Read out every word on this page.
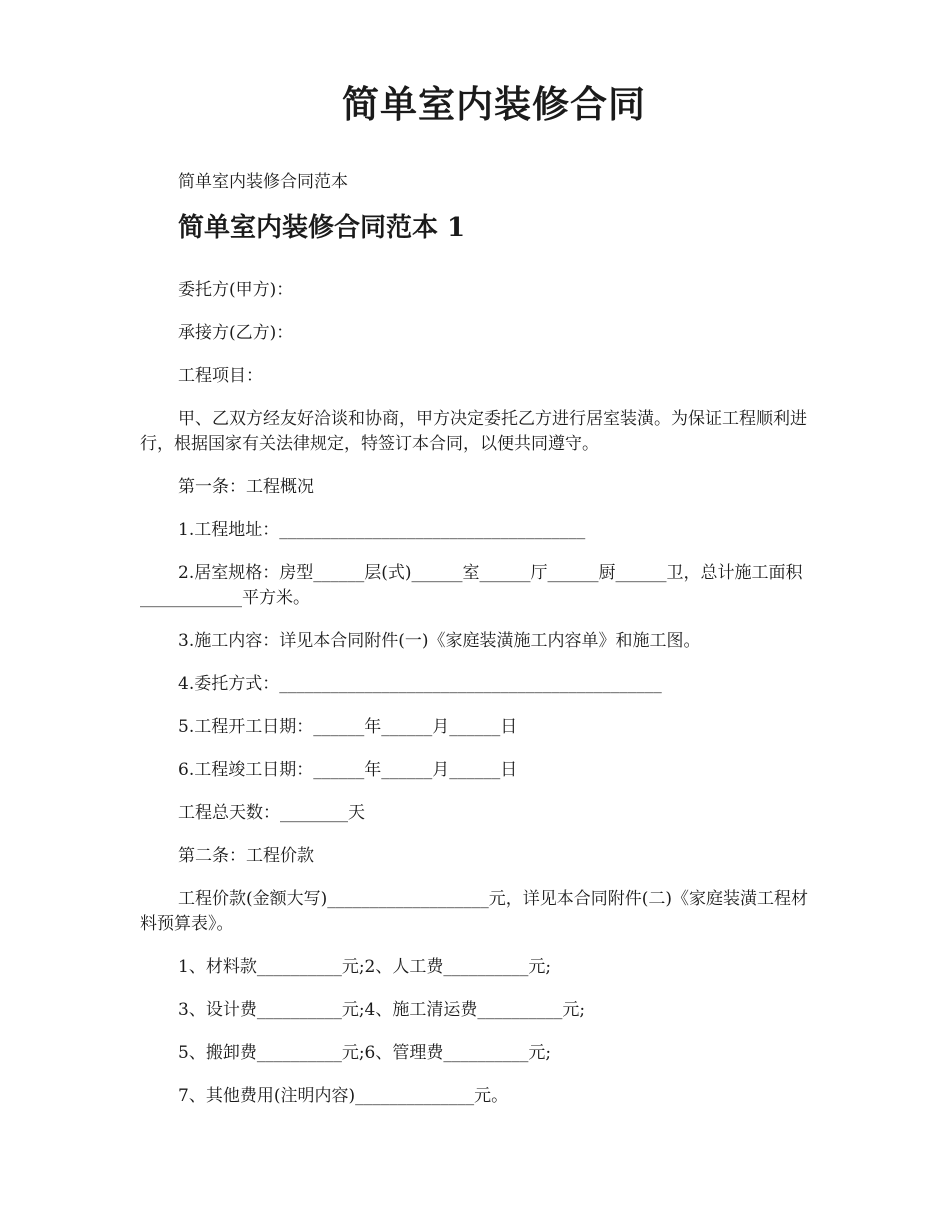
简单室内装修合同
简单室内装修合同范本
简单室内装修合同范本 1

委托方(甲方)：

承接方(乙方)：

工程项目：

甲、乙双方经友好洽谈和协商，甲方决定委托乙方进行居室装潢。为保证工程顺利进行，根据国家有关法律规定，特签订本合同，以便共同遵守。

第一条：工程概况

1.工程地址：____________________________________

2.居室规格：房型______层(式)______室______厅______厨______卫，总计施工面积____________平方米。

3.施工内容：详见本合同附件(一)《家庭装潢施工内容单》和施工图。

4.委托方式：_____________________________________________

5.工程开工日期：______年______月______日

6.工程竣工日期：______年______月______日

工程总天数：________天

第二条：工程价款

工程价款(金额大写)___________________元，详见本合同附件(二)《家庭装潢工程材料预算表》。

1、材料款__________元;2、人工费__________元;

3、设计费__________元;4、施工清运费__________元;

5、搬卸费__________元;6、管理费__________元;

7、其他费用(注明内容)______________元。
